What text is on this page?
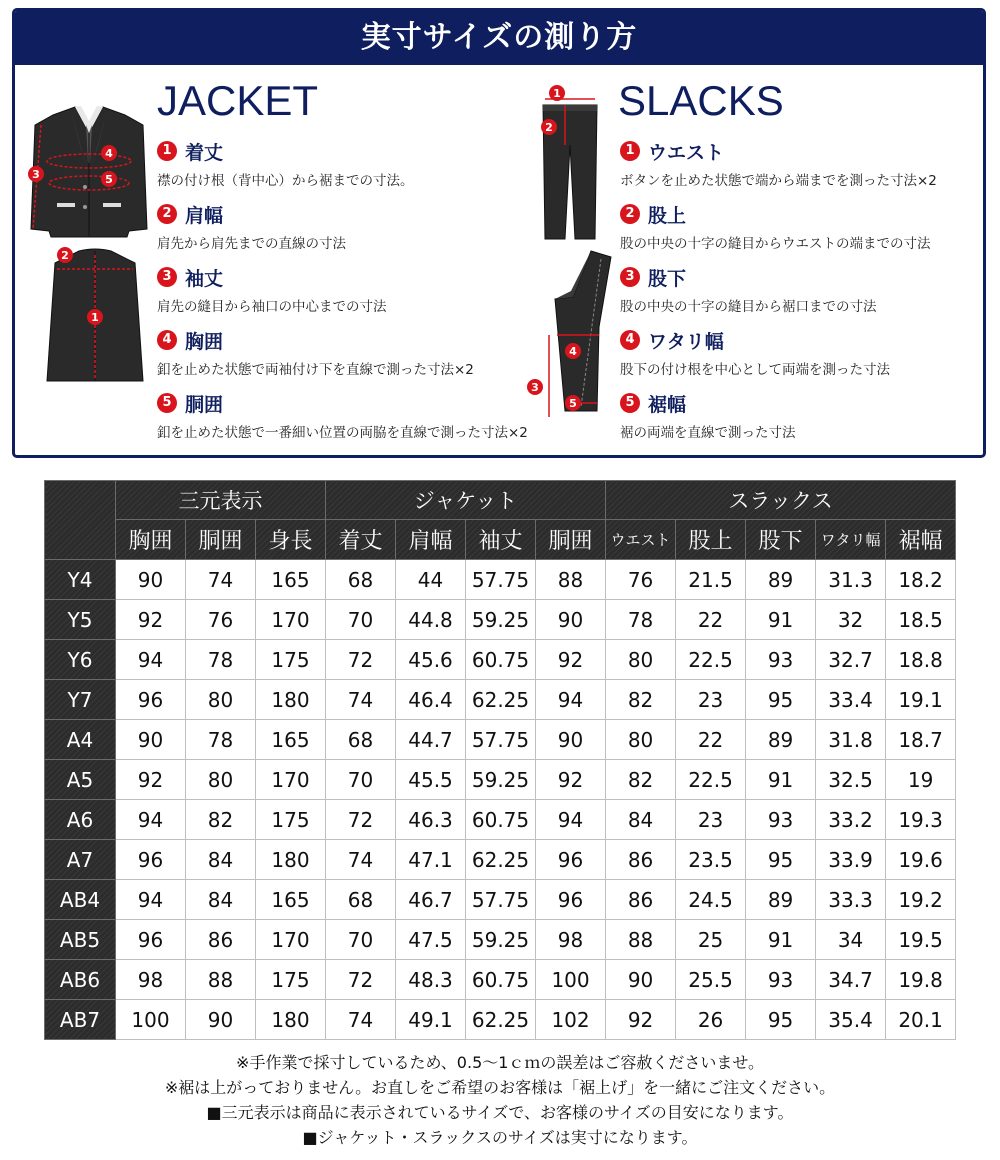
実寸サイズの測り方
4
5
3
1
2
JACKET
1 着丈
襟の付け根（背中心）から裾までの寸法。
2 肩幅
肩先から肩先までの直線の寸法
3 袖丈
肩先の縫目から袖口の中心までの寸法
4 胸囲
釦を止めた状態で両袖付け下を直線で測った寸法×2
5 胴囲
釦を止めた状態で一番細い位置の両脇を直線で測った寸法×2
1
2
4
3
5
SLACKS
1 ウエスト
ボタンを止めた状態で端から端までを測った寸法×2
2 股上
股の中央の十字の縫目からウエストの端までの寸法
3 股下
股の中央の十字の縫目から裾口までの寸法
4 ワタリ幅
股下の付け根を中心として両端を測った寸法
5 裾幅
裾の両端を直線で測った寸法
	三元表示			ジャケット				スラックス				
	胸囲	胴囲	身長	着丈	肩幅	袖丈	胴囲	ウエスト	股上	股下	ワタリ幅	裾幅
Y4	90	74	165	68	44	57.75	88	76	21.5	89	31.3	18.2
Y5	92	76	170	70	44.8	59.25	90	78	22	91	32	18.5
Y6	94	78	175	72	45.6	60.75	92	80	22.5	93	32.7	18.8
Y7	96	80	180	74	46.4	62.25	94	82	23	95	33.4	19.1
A4	90	78	165	68	44.7	57.75	90	80	22	89	31.8	18.7
A5	92	80	170	70	45.5	59.25	92	82	22.5	91	32.5	19
A6	94	82	175	72	46.3	60.75	94	84	23	93	33.2	19.3
A7	96	84	180	74	47.1	62.25	96	86	23.5	95	33.9	19.6
AB4	94	84	165	68	46.7	57.75	96	86	24.5	89	33.3	19.2
AB5	96	86	170	70	47.5	59.25	98	88	25	91	34	19.5
AB6	98	88	175	72	48.3	60.75	100	90	25.5	93	34.7	19.8
AB7	100	90	180	74	49.1	62.25	102	92	26	95	35.4	20.1
※手作業で採寸しているため、0.5～1ｃｍの誤差はご容赦くださいませ。
※裾は上がっておりません。お直しをご希望のお客様は「裾上げ」を一緒にご注文ください。
■三元表示は商品に表示されているサイズで、お客様のサイズの目安になります。
■ジャケット・スラックスのサイズは実寸になります。
